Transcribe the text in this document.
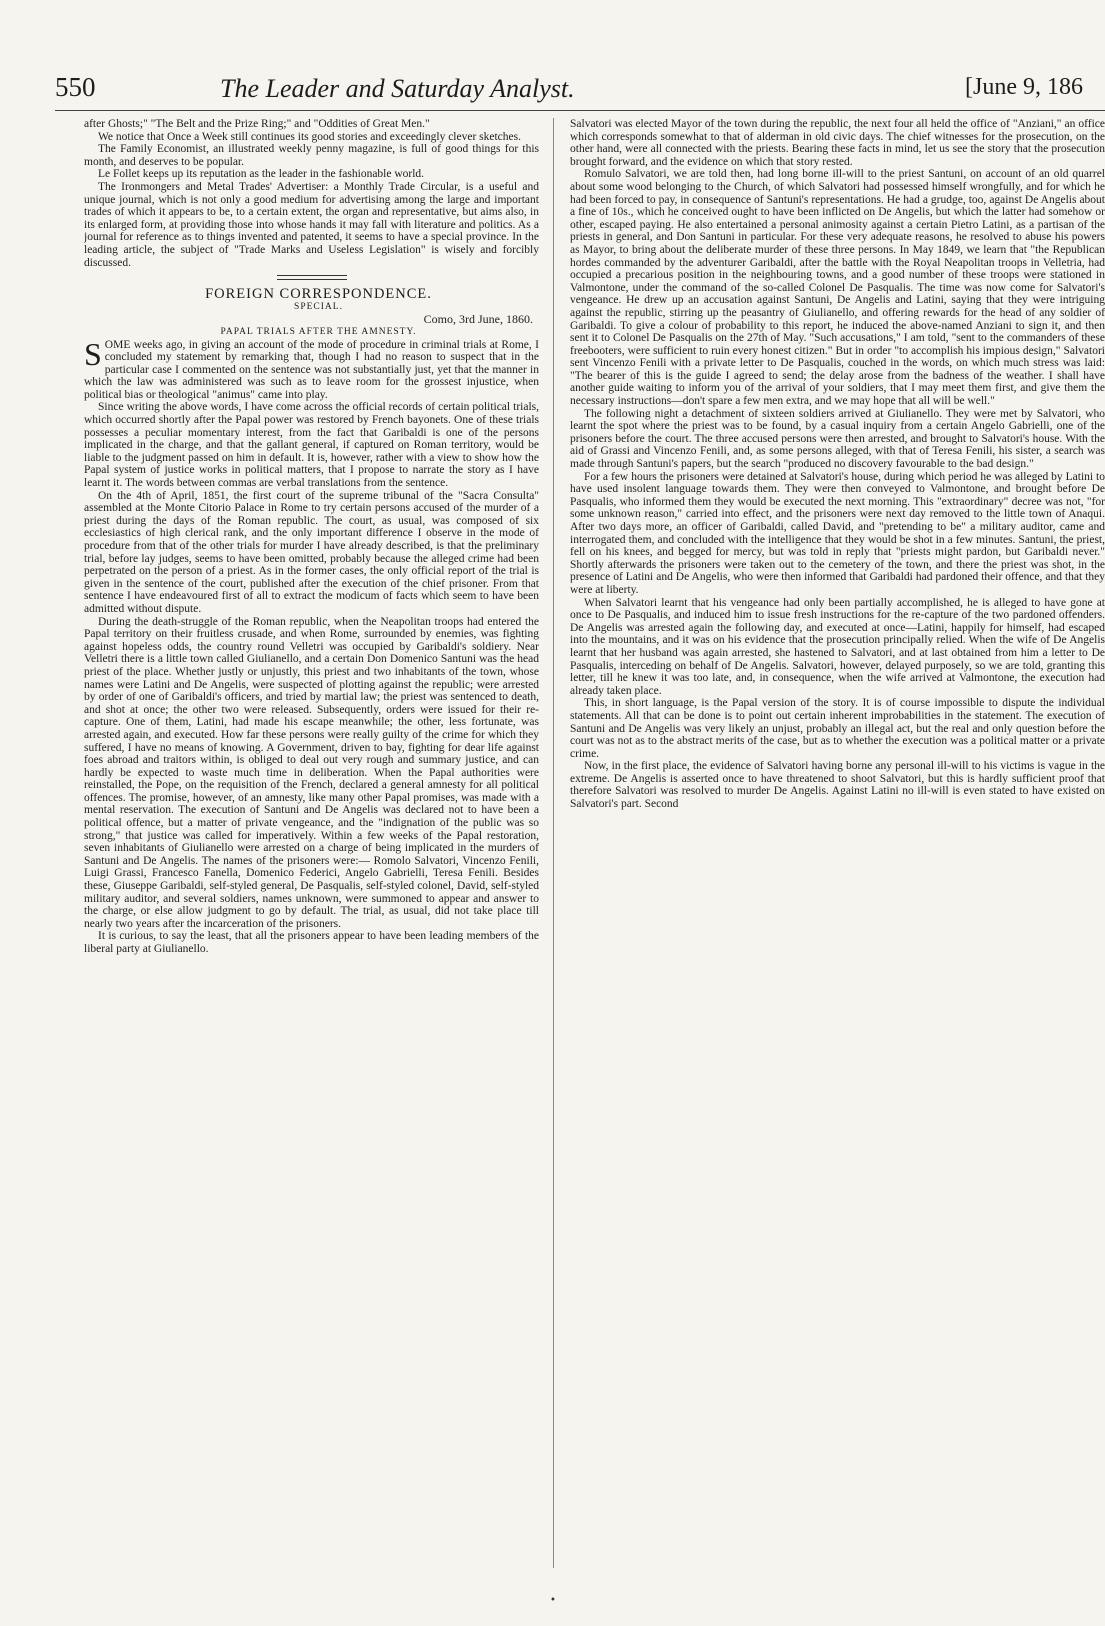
550	The Leader and Saturday Analyst.	[June 9, 186

after Ghosts;" "The Belt and the Prize Ring;" and "Oddities of Great Men."

We notice that Once a Week still continues its good stories and exceedingly clever sketches.

The Family Economist, an illustrated weekly penny magazine, is full of good things for this month, and deserves to be popular.

Le Follet keeps up its reputation as the leader in the fashionable world.

The Ironmongers and Metal Trades' Advertiser: a Monthly Trade Circular, is a useful and unique journal, which is not only a good medium for advertising among the large and important trades of which it appears to be, to a certain extent, the organ and representative, but aims also, in its enlarged form, at providing those into whose hands it may fall with literature and politics. As a journal for reference as to things invented and patented, it seems to have a special province. In the leading article, the subject of "Trade Marks and Useless Legislation" is wisely and forcibly discussed.

FOREIGN CORRESPONDENCE.

SPECIAL.

Como, 3rd June, 1860.

PAPAL TRIALS AFTER THE AMNESTY.

SOME weeks ago, in giving an account of the mode of procedure in criminal trials at Rome, I concluded my statement by remarking that, though I had no reason to suspect that in the particular case I commented on the sentence was not substantially just, yet that the manner in which the law was administered was such as to leave room for the grossest injustice, when political bias or theological "animus" came into play.

Since writing the above words, I have come across the official records of certain political trials, which occurred shortly after the Papal power was restored by French bayonets. One of these trials possesses a peculiar momentary interest, from the fact that Garibaldi is one of the persons implicated in the charge, and that the gallant general, if captured on Roman territory, would be liable to the judgment passed on him in default. It is, however, rather with a view to show how the Papal system of justice works in political matters, that I propose to narrate the story as I have learnt it. The words between commas are verbal translations from the sentence.

On the 4th of April, 1851, the first court of the supreme tribunal of the "Sacra Consulta" assembled at the Monte Citorio Palace in Rome to try certain persons accused of the murder of a priest during the days of the Roman republic. The court, as usual, was composed of six ecclesiastics of high clerical rank, and the only important difference I observe in the mode of procedure from that of the other trials for murder I have already described, is that the preliminary trial, before lay judges, seems to have been omitted, probably because the alleged crime had been perpetrated on the person of a priest. As in the former cases, the only official report of the trial is given in the sentence of the court, published after the execution of the chief prisoner. From that sentence I have endeavoured first of all to extract the modicum of facts which seem to have been admitted without dispute.

During the death-struggle of the Roman republic, when the Neapolitan troops had entered the Papal territory on their fruitless crusade, and when Rome, surrounded by enemies, was fighting against hopeless odds, the country round Velletri was occupied by Garibaldi's soldiery. Near Velletri there is a little town called Giulianello, and a certain Don Domenico Santuni was the head priest of the place. Whether justly or unjustly, this priest and two inhabitants of the town, whose names were Latini and De Angelis, were suspected of plotting against the republic; were arrested by order of one of Garibaldi's officers, and tried by martial law; the priest was sentenced to death, and shot at once; the other two were released. Subsequently, orders were issued for their re-capture. One of them, Latini, had made his escape meanwhile; the other, less fortunate, was arrested again, and executed. How far these persons were really guilty of the crime for which they suffered, I have no means of knowing. A Government, driven to bay, fighting for dear life against foes abroad and traitors within, is obliged to deal out very rough and summary justice, and can hardly be expected to waste much time in deliberation. When the Papal authorities were reinstalled, the Pope, on the requisition of the French, declared a general amnesty for all political offences. The promise, however, of an amnesty, like many other Papal promises, was made with a mental reservation. The execution of Santuni and De Angelis was declared not to have been a political offence, but a matter of private vengeance, and the "indignation of the public was so strong," that justice was called for imperatively. Within a few weeks of the Papal restoration, seven inhabitants of Giulianello were arrested on a charge of being implicated in the murders of Santuni and De Angelis. The names of the prisoners were:— Romolo Salvatori, Vincenzo Fenili, Luigi Grassi, Francesco Fanella, Domenico Federici, Angelo Gabrielli, Teresa Fenili. Besides these, Giuseppe Garibaldi, self-styled general, De Pasqualis, self-styled colonel, David, self-styled military auditor, and several soldiers, names unknown, were summoned to appear and answer to the charge, or else allow judgment to go by default. The trial, as usual, did not take place till nearly two years after the incarceration of the prisoners.

It is curious, to say the least, that all the prisoners appear to have been leading members of the liberal party at Giulianello.

Salvatori was elected Mayor of the town during the republic, the next four all held the office of "Anziani," an office which corresponds somewhat to that of alderman in old civic days. The chief witnesses for the prosecution, on the other hand, were all connected with the priests. Bearing these facts in mind, let us see the story that the prosecution brought forward, and the evidence on which that story rested.

Romulo Salvatori, we are told then, had long borne ill-will to the priest Santuni, on account of an old quarrel about some wood belonging to the Church, of which Salvatori had possessed himself wrongfully, and for which he had been forced to pay, in consequence of Santuni's representations. He had a grudge, too, against De Angelis about a fine of 10s., which he conceived ought to have been inflicted on De Angelis, but which the latter had somehow or other, escaped paying. He also entertained a personal animosity against a certain Pietro Latini, as a partisan of the priests in general, and Don Santuni in particular. For these very adequate reasons, he resolved to abuse his powers as Mayor, to bring about the deliberate murder of these three persons. In May 1849, we learn that "the Republican hordes commanded by the adventurer Garibaldi, after the battle with the Royal Neapolitan troops in Velletria, had occupied a precarious position in the neighbouring towns, and a good number of these troops were stationed in Valmontone, under the command of the so-called Colonel De Pasqualis. The time was now come for Salvatori's vengeance. He drew up an accusation against Santuni, De Angelis and Latini, saying that they were intriguing against the republic, stirring up the peasantry of Giulianello, and offering rewards for the head of any soldier of Garibaldi. To give a colour of probability to this report, he induced the above-named Anziani to sign it, and then sent it to Colonel De Pasqualis on the 27th of May. "Such accusations," I am told, "sent to the commanders of these freebooters, were sufficient to ruin every honest citizen." But in order "to accomplish his impious design," Salvatori sent Vincenzo Fenili with a private letter to De Pasqualis, couched in the words, on which much stress was laid: "The bearer of this is the guide I agreed to send; the delay arose from the badness of the weather. I shall have another guide waiting to inform you of the arrival of your soldiers, that I may meet them first, and give them the necessary instructions—don't spare a few men extra, and we may hope that all will be well."

The following night a detachment of sixteen soldiers arrived at Giulianello. They were met by Salvatori, who learnt the spot where the priest was to be found, by a casual inquiry from a certain Angelo Gabrielli, one of the prisoners before the court. The three accused persons were then arrested, and brought to Salvatori's house. With the aid of Grassi and Vincenzo Fenili, and, as some persons alleged, with that of Teresa Fenili, his sister, a search was made through Santuni's papers, but the search "produced no discovery favourable to the bad design."

For a few hours the prisoners were detained at Salvatori's house, during which period he was alleged by Latini to have used insolent language towards them. They were then conveyed to Valmontone, and brought before De Pasqualis, who informed them they would be executed the next morning. This "extraordinary" decree was not, "for some unknown reason," carried into effect, and the prisoners were next day removed to the little town of Anaqui. After two days more, an officer of Garibaldi, called David, and "pretending to be" a military auditor, came and interrogated them, and concluded with the intelligence that they would be shot in a few minutes. Santuni, the priest, fell on his knees, and begged for mercy, but was told in reply that "priests might pardon, but Garibaldi never." Shortly afterwards the prisoners were taken out to the cemetery of the town, and there the priest was shot, in the presence of Latini and De Angelis, who were then informed that Garibaldi had pardoned their offence, and that they were at liberty.

When Salvatori learnt that his vengeance had only been partially accomplished, he is alleged to have gone at once to De Pasqualis, and induced him to issue fresh instructions for the re-capture of the two pardoned offenders. De Angelis was arrested again the following day, and executed at once—Latini, happily for himself, had escaped into the mountains, and it was on his evidence that the prosecution principally relied. When the wife of De Angelis learnt that her husband was again arrested, she hastened to Salvatori, and at last obtained from him a letter to De Pasqualis, interceding on behalf of De Angelis. Salvatori, however, delayed purposely, so we are told, granting this letter, till he knew it was too late, and, in consequence, when the wife arrived at Valmontone, the execution had already taken place.

This, in short language, is the Papal version of the story. It is of course impossible to dispute the individual statements. All that can be done is to point out certain inherent improbabilities in the statement. The execution of Santuni and De Angelis was very likely an unjust, probably an illegal act, but the real and only question before the court was not as to the abstract merits of the case, but as to whether the execution was a political matter or a private crime.

Now, in the first place, the evidence of Salvatori having borne any personal ill-will to his victims is vague in the extreme. De Angelis is asserted once to have threatened to shoot Salvatori, but this is hardly sufficient proof that therefore Salvatori was resolved to murder De Angelis. Against Latini no ill-will is even stated to have existed on Salvatori's part. Second

•
